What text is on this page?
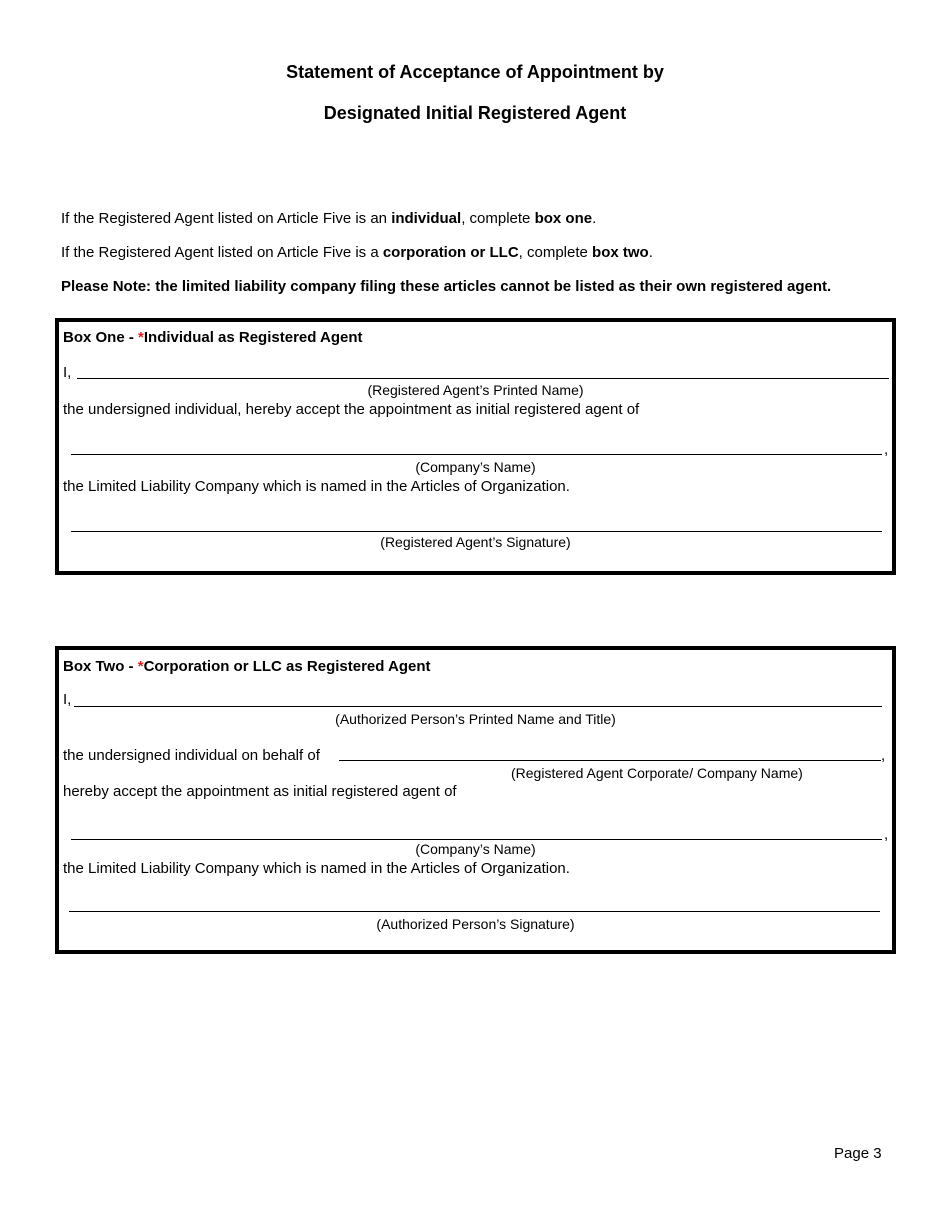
Statement of Acceptance of Appointment by
Designated Initial Registered Agent
If the Registered Agent listed on Article Five is an individual, complete box one.
If the Registered Agent listed on Article Five is a corporation or LLC, complete box two.
Please Note: the limited liability company filing these articles cannot be listed as their own registered agent.
Box One - *Individual as Registered Agent
I,
(Registered Agent’s Printed Name)
the undersigned individual, hereby accept the appointment as initial registered agent of
,
(Company’s Name)
the Limited Liability Company which is named in the Articles of Organization.
(Registered Agent’s Signature)
Box Two - *Corporation or LLC as Registered Agent
I,
(Authorized Person’s Printed Name and Title)
the undersigned individual on behalf of	,
(Registered Agent Corporate/ Company Name)
hereby accept the appointment as initial registered agent of
,
(Company’s Name)
the Limited Liability Company which is named in the Articles of Organization.
(Authorized Person’s Signature)
Page 3
